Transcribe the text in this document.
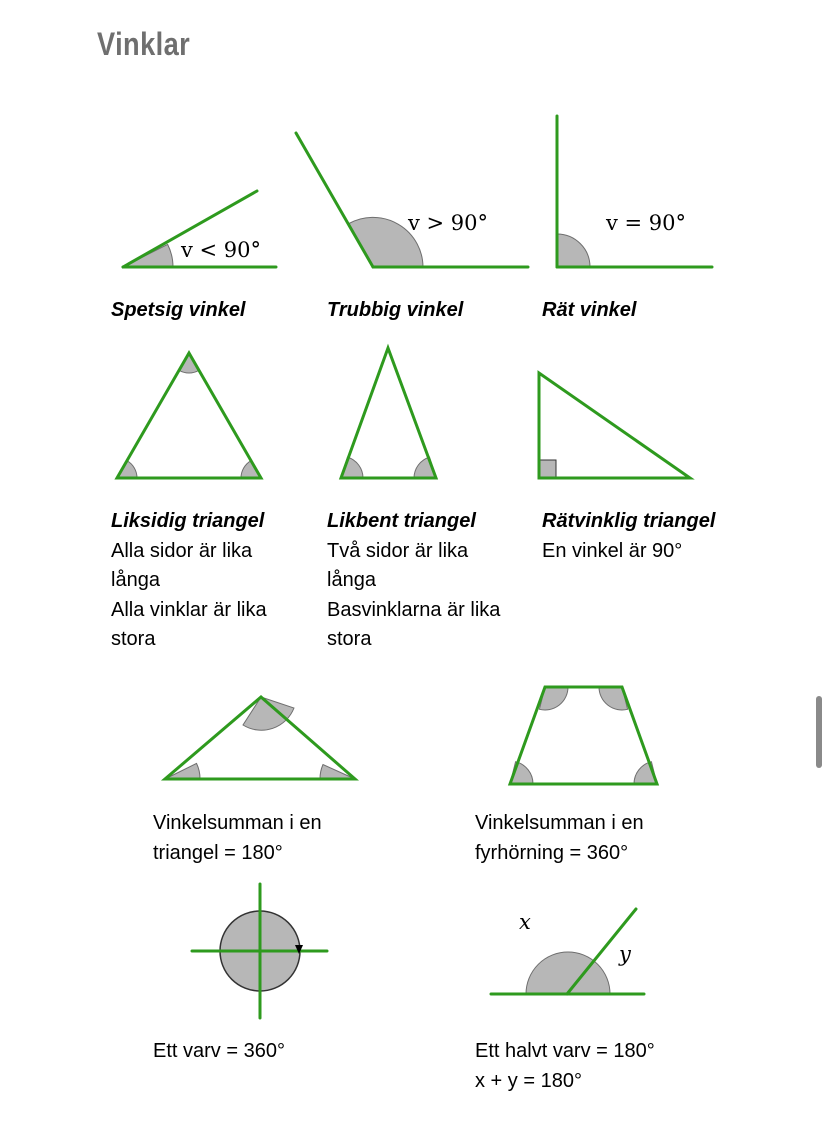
Vinklar
v < 90°
v > 90°	v = 90°
x
y
Spetsig vinkel	Trubbig vinkel	Rät vinkel
Liksidig triangel
Alla sidor är lika
långa
Alla vinklar är lika
stora
Likbent triangel
Två sidor är lika
långa
Basvinklarna är lika
stora
Rätvinklig triangel
En vinkel är 90°
Vinkelsumman i en
triangel = 180°
Vinkelsumman i en
fyrhörning = 360°
Ett varv = 360°	Ett halvt varv = 180°
x + y = 180°
